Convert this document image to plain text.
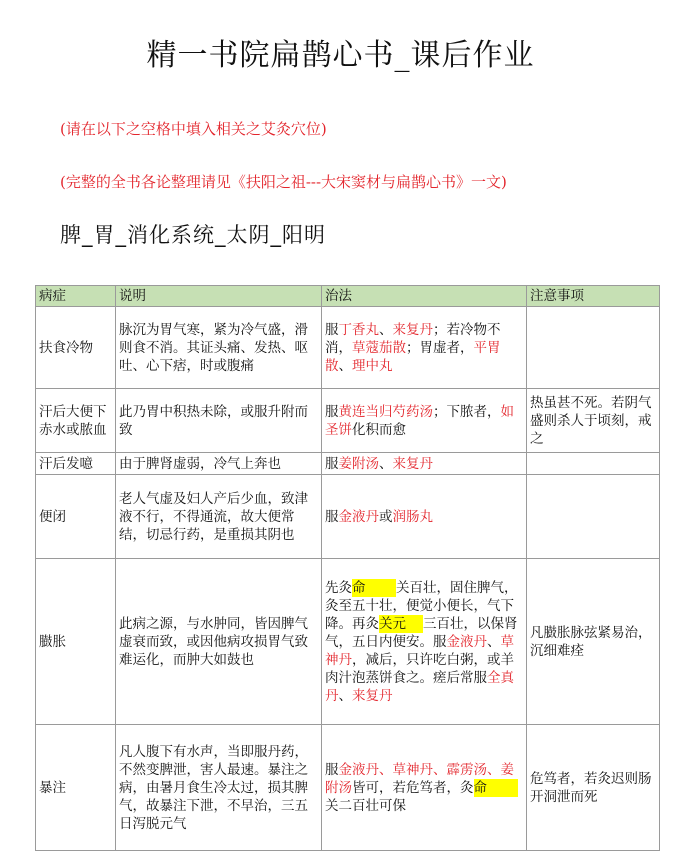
精一书院扁鹊心书_课后作业
(请在以下之空格中填入相关之艾灸穴位)
(完整的全书各论整理请见《扶阳之祖---大宋窦材与扁鹊心书》一文)
脾_胃_消化系统_太阴_阳明
病症	说明	治法	注意事项
扶食冷物	脉沉为胃气寒，紧为冷气盛，滑则食不消。其证头痛、发热、呕吐、心下痞，时或腹痛	服丁香丸、来复丹；若冷物不消，草蔻茄散；胃虚者，平胃散、理中丸	
汗后大便下赤水或脓血	此乃胃中积热未除，或服升附而致	服黄连当归芍药汤；下脓者，如圣饼化积而愈	热虽甚不死。若阴气盛则杀人于顷刻，戒之
汗后发噫	由于脾肾虚弱，冷气上奔也	服姜附汤、来复丹	
便闭	老人气虚及妇人产后少血，致津液不行，不得通流，故大便常结，切忌行药，是重损其阴也	服金液丹或润肠丸	
臌胀	此病之源，与水肿同，皆因脾气虚衰而致，或因他病攻损胃气致难运化，而肿大如鼓也	先灸命关百壮，固住脾气，灸至五十壮，便觉小便长，气下降。再灸关元三百壮，以保肾气，五日内便安。服金液丹、草神丹，减后，只许吃白粥，或羊肉汁泡蒸饼食之。瘥后常服全真丹、来复丹	凡臌胀脉弦紧易治，沉细难痊
暴注	凡人腹下有水声，当即服丹药，不然变脾泄，害人最速。暴注之病，由暑月食生冷太过，损其脾气，故暴注下泄，不早治，三五日泻脱元气	服金液丹、草神丹、霹雳汤、姜附汤皆可，若危笃者，灸命关二百壮可保	危笃者，若灸迟则肠开洞泄而死
